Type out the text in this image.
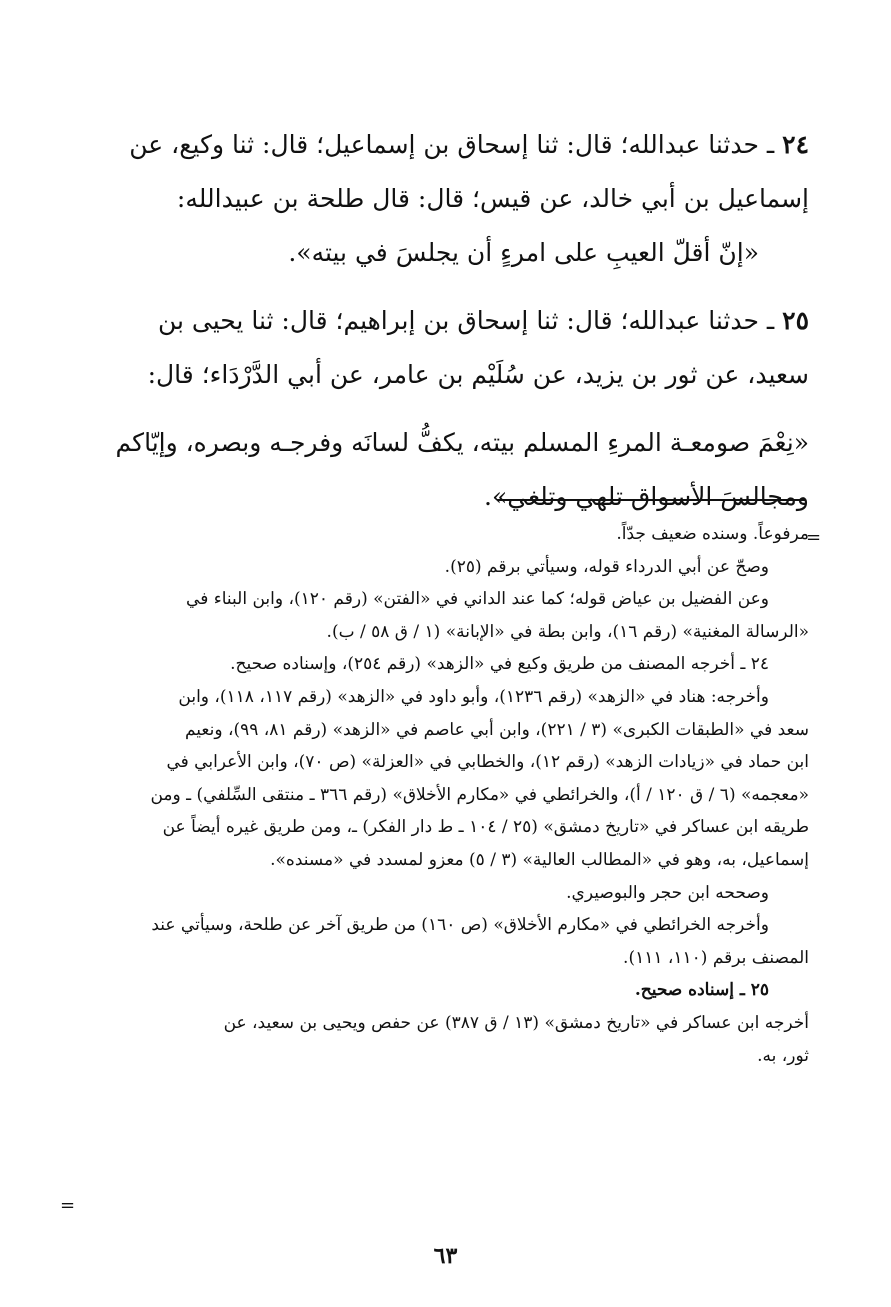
٢٤ ـ حدثنا عبدالله؛ قال: ثنا إسحاق بن إسماعيل؛ قال: ثنا وكيع، عن

إسماعيل بن أبي خالد، عن قيس؛ قال: قال طلحة بن عبيدالله:

«إنّ أقلّ العيبِ على امرءٍ أن يجلسَ في بيته».

٢٥ ـ حدثنا عبدالله؛ قال: ثنا إسحاق بن إبراهيم؛ قال: ثنا يحيى بن

سعيد، عن ثور بن يزيد، عن سُلَيْم بن عامر، عن أبي الدَّرْدَاء؛ قال:

«نِعْمَ صومعـة المرءِ المسلم بيته، يكفُّ لسانَه وفرجـه وبصره، وإيّاكم

ومجالسَ الأسواق تلهي وتلغي».

=

مرفوعاً. وسنده ضعيف جدّاً.

وصحّ عن أبي الدرداء قوله، وسيأتي برقم (٢٥).

وعن الفضيل بن عياض قوله؛ كما عند الداني في «الفتن» (رقم ١٢٠)، وابن البناء في

«الرسالة المغنية» (رقم ١٦)، وابن بطة في «الإبانة» (١ / ق ٥٨ / ب).

٢٤ ـ أخرجه المصنف من طريق وكيع في «الزهد» (رقم ٢٥٤)، وإسناده صحيح.

وأخرجه: هناد في «الزهد» (رقم ١٢٣٦)، وأبو داود في «الزهد» (رقم ١١٧، ١١٨)، وابن

سعد في «الطبقات الكبرى» (٣ / ٢٢١)، وابن أبي عاصم في «الزهد» (رقم ٨١، ٩٩)، ونعيم

ابن حماد في «زيادات الزهد» (رقم ١٢)، والخطابي في «العزلة» (ص ٧٠)، وابن الأعرابي في

«معجمه» (٦ / ق ١٢٠ / أ)، والخرائطي في «مكارم الأخلاق» (رقم ٣٦٦ ـ منتقى السِّلفي) ـ ومن

طريقه ابن عساكر في «تاريخ دمشق» (٢٥ / ١٠٤ ـ ط دار الفكر) ـ، ومن طريق غيره أيضاً عن

إسماعيل، به، وهو في «المطالب العالية» (٣ / ٥) معزو لمسدد في «مسنده».

وصححه ابن حجر والبوصيري.

وأخرجه الخرائطي في «مكارم الأخلاق» (ص ١٦٠) من طريق آخر عن طلحة، وسيأتي عند

المصنف برقم (١١٠، ١١١).

٢٥ ـ إسناده صحيح.

أخرجه ابن عساكر في «تاريخ دمشق» (١٣ / ق ٣٨٧) عن حفص ويحيى بن سعيد، عن

ثور، به.

=
٦٣
